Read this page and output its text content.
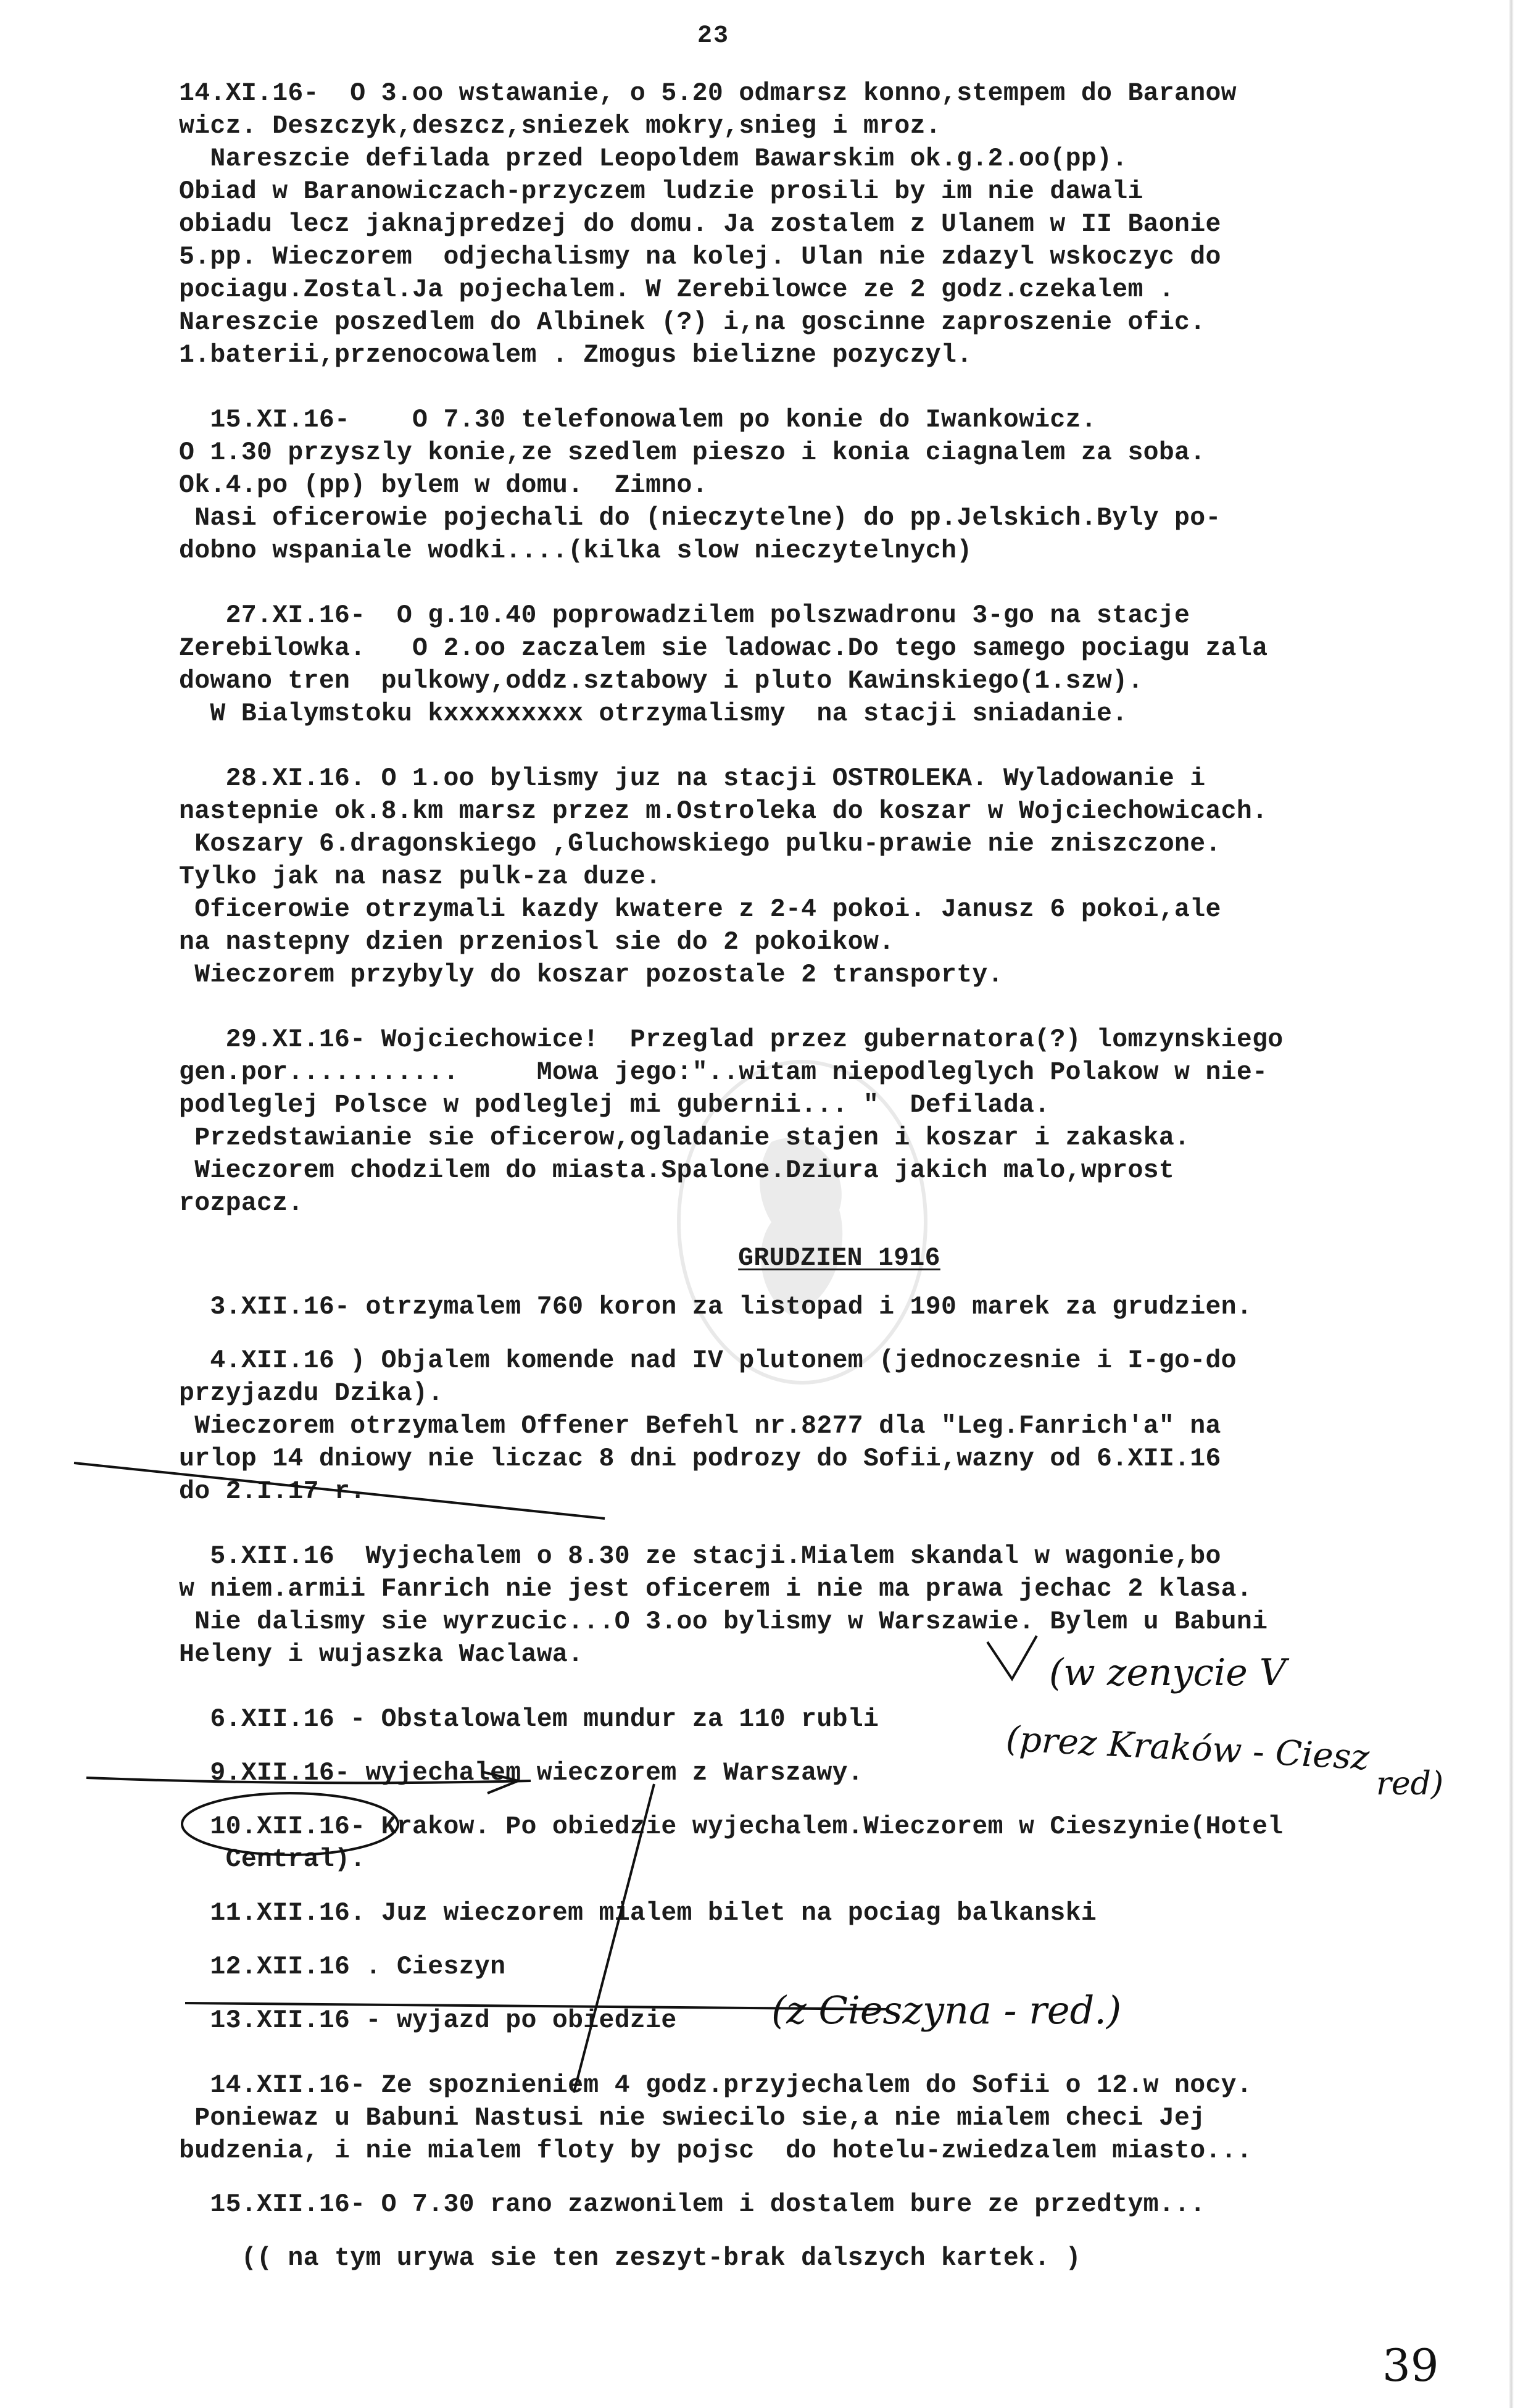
23
14.XI.16-  O 3.oo wstawanie, o 5.20 odmarsz konno,stempem do Baranow
wicz. Deszczyk,deszcz,sniezek mokry,snieg i mroz.
Nareszcie defilada przed Leopoldem Bawarskim ok.g.2.oo(pp).
Obiad w Baranowiczach-przyczem ludzie prosili by im nie dawali
obiadu lecz jaknajpredzej do domu. Ja zostalem z Ulanem w II Baonie
5.pp. Wieczorem  odjechalismy na kolej. Ulan nie zdazyl wskoczyc do
pociagu.Zostal.Ja pojechalem. W Zerebilowce ze 2 godz.czekalem .
Nareszcie poszedlem do Albinek (?) i,na goscinne zaproszenie ofic.
1.baterii,przenocowalem . Zmogus bielizne pozyczyl.
15.XI.16-    O 7.30 telefonowalem po konie do Iwankowicz.
O 1.30 przyszly konie,ze szedlem pieszo i konia ciagnalem za soba.
Ok.4.po (pp) bylem w domu.  Zimno.
Nasi oficerowie pojechali do (nieczytelne) do pp.Jelskich.Byly po-
dobno wspaniale wodki....(kilka slow nieczytelnych)
27.XI.16-  O g.10.40 poprowadzilem polszwadronu 3-go na stacje
Zerebilowka.   O 2.oo zaczalem sie ladowac.Do tego samego pociagu zala
dowano tren  pulkowy,oddz.sztabowy i pluto Kawinskiego(1.szw).
W Bialymstoku kxxxxxxxxx otrzymalismy  na stacji sniadanie.
28.XI.16. O 1.oo bylismy juz na stacji OSTROLEKA. Wyladowanie i
nastepnie ok.8.km marsz przez m.Ostroleka do koszar w Wojciechowicach.
Koszary 6.dragonskiego ,Gluchowskiego pulku-prawie nie zniszczone.
Tylko jak na nasz pulk-za duze.
Oficerowie otrzymali kazdy kwatere z 2-4 pokoi. Janusz 6 pokoi,ale
na nastepny dzien przeniosl sie do 2 pokoikow.
Wieczorem przybyly do koszar pozostale 2 transporty.
29.XI.16- Wojciechowice!  Przeglad przez gubernatora(?) lomzynskiego
gen.por...........     Mowa jego:"..witam niepodleglych Polakow w nie-
podleglej Polsce w podleglej mi gubernii... "  Defilada.
Przedstawianie sie oficerow,ogladanie stajen i koszar i zakaska.
Wieczorem chodzilem do miasta.Spalone.Dziura jakich malo,wprost
rozpacz.
GRUDZIEN 1916
3.XII.16- otrzymalem 760 koron za listopad i 190 marek za grudzien.
4.XII.16 ) Objalem komende nad IV plutonem (jednoczesnie i I-go-do
przyjazdu Dzika).
Wieczorem otrzymalem Offener Befehl nr.8277 dla "Leg.Fanrich'a" na
urlop 14 dniowy nie liczac 8 dni podrozy do Sofii,wazny od 6.XII.16
do 2.I.17 r.
5.XII.16  Wyjechalem o 8.30 ze stacji.Mialem skandal w wagonie,bo
w niem.armii Fanrich nie jest oficerem i nie ma prawa jechac 2 klasa.
Nie dalismy sie wyrzucic...O 3.oo bylismy w Warszawie. Bylem u Babuni
Heleny i wujaszka Waclawa.
6.XII.16 - Obstalowalem mundur za 110 rubli
9.XII.16- wyjechalem wieczorem z Warszawy.
10.XII.16- Krakow. Po obiedzie wyjechalem.Wieczorem w Cieszynie(Hotel
Central).
11.XII.16. Juz wieczorem mialem bilet na pociag balkanski
12.XII.16 . Cieszyn
13.XII.16 - wyjazd po obiedzie
14.XII.16- Ze spoznieniem 4 godz.przyjechalem do Sofii o 12.w nocy.
Poniewaz u Babuni Nastusi nie swiecilo sie,a nie mialem checi Jej
budzenia, i nie mialem floty by pojsc  do hotelu-zwiedzalem miasto...
15.XII.16- O 7.30 rano zazwonilem i dostalem bure ze przedtym...
(( na tym urywa sie ten zeszyt-brak dalszych kartek. )
(w zenycie V
(prez Kraków - Ciesz
red)
(z Cieszyna - red.)
39
